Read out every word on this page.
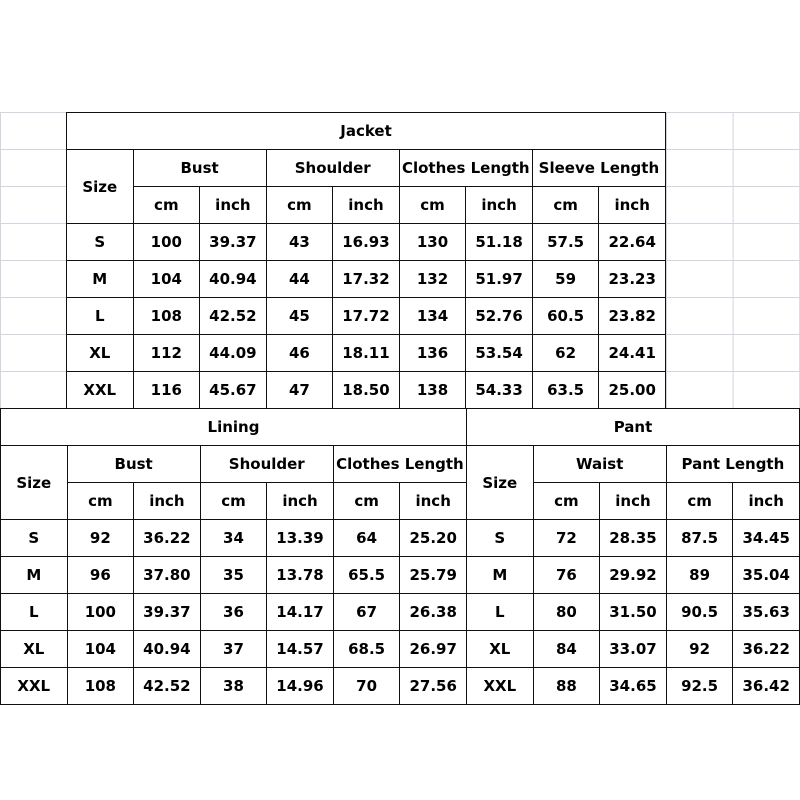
Jacket								
Size	Bust		Shoulder		Clothes Length		Sleeve Length	
	cm	inch	cm	inch	cm	inch	cm	inch
S	100	39.37	43	16.93	130	51.18	57.5	22.64
M	104	40.94	44	17.32	132	51.97	59	23.23
L	108	42.52	45	17.72	134	52.76	60.5	23.82
XL	112	44.09	46	18.11	136	53.54	62	24.41
XXL	116	45.67	47	18.50	138	54.33	63.5	25.00
Lining						
Size	Bust		Shoulder		Clothes Length	
	cm	inch	cm	inch	cm	inch
S	92	36.22	34	13.39	64	25.20
M	96	37.80	35	13.78	65.5	25.79
L	100	39.37	36	14.17	67	26.38
XL	104	40.94	37	14.57	68.5	26.97
XXL	108	42.52	38	14.96	70	27.56
Pant				
Size	Waist		Pant Length	
	cm	inch	cm	inch
S	72	28.35	87.5	34.45
M	76	29.92	89	35.04
L	80	31.50	90.5	35.63
XL	84	33.07	92	36.22
XXL	88	34.65	92.5	36.42
